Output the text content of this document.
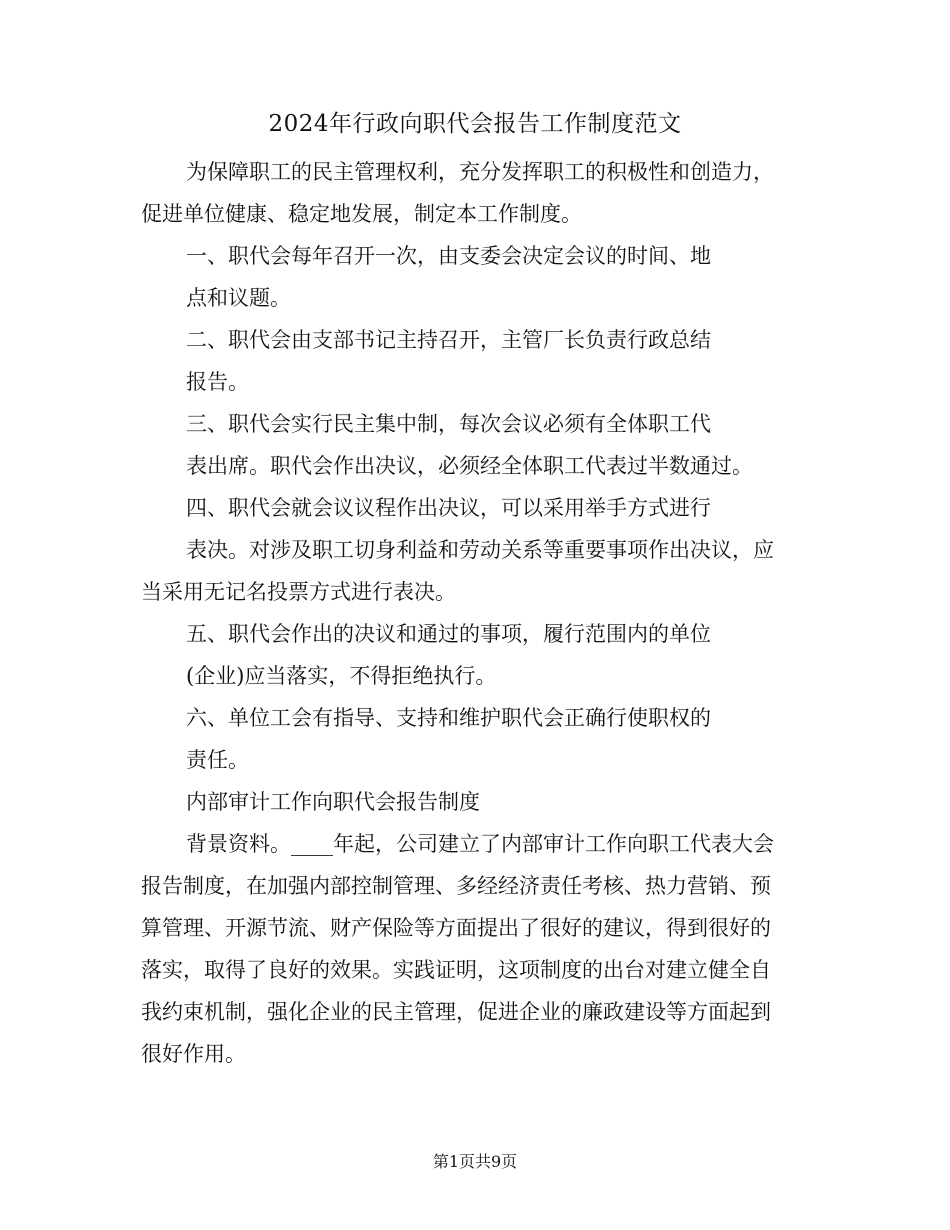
2024年行政向职代会报告工作制度范文
为保障职工的民主管理权利，充分发挥职工的积极性和创造力，
促进单位健康、稳定地发展，制定本工作制度。
一、职代会每年召开一次，由支委会决定会议的时间、地
点和议题。
二、职代会由支部书记主持召开，主管厂长负责行政总结
报告。
三、职代会实行民主集中制，每次会议必须有全体职工代
表出席。职代会作出决议，必须经全体职工代表过半数通过。
四、职代会就会议议程作出决议，可以采用举手方式进行
表决。对涉及职工切身利益和劳动关系等重要事项作出决议，应
当采用无记名投票方式进行表决。
五、职代会作出的决议和通过的事项，履行范围内的单位
(企业)应当落实，不得拒绝执行。
六、单位工会有指导、支持和维护职代会正确行使职权的
责任。
内部审计工作向职代会报告制度
背景资料。____年起，公司建立了内部审计工作向职工代表大会
报告制度，在加强内部控制管理、多经经济责任考核、热力营销、预
算管理、开源节流、财产保险等方面提出了很好的建议，得到很好的
落实，取得了良好的效果。实践证明，这项制度的出台对建立健全自
我约束机制，强化企业的民主管理，促进企业的廉政建设等方面起到
很好作用。
第1页共9页
